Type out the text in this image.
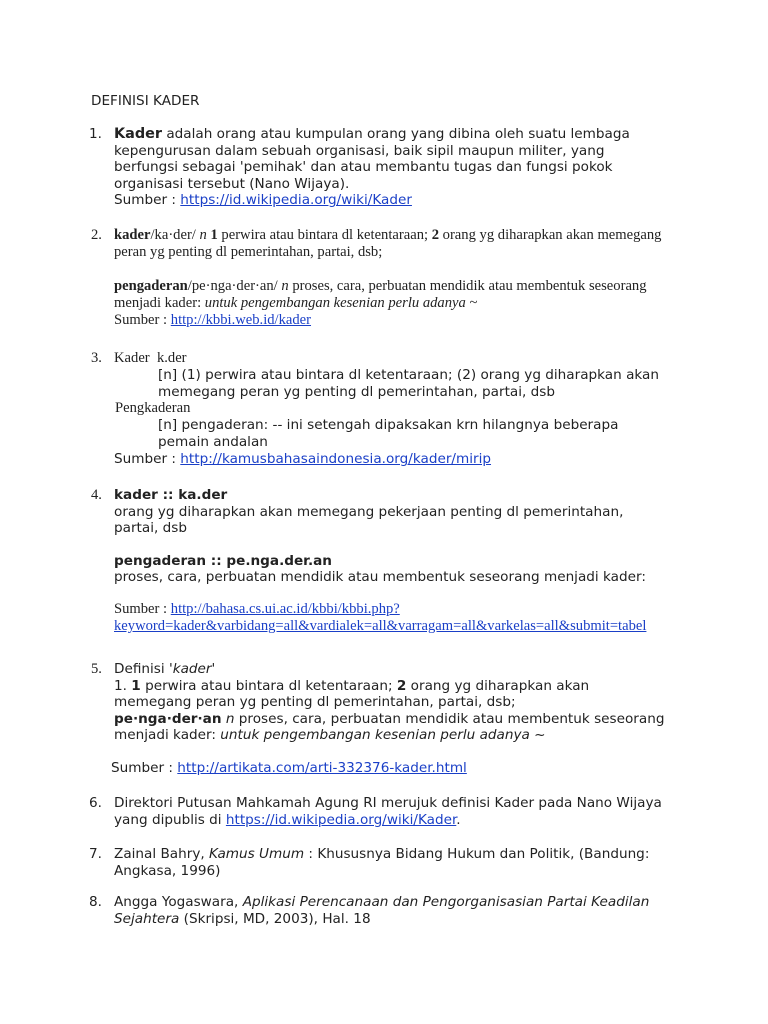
DEFINISI KADER
1. Kader adalah orang atau kumpulan orang yang dibina oleh suatu lembaga
kepengurusan dalam sebuah organisasi, baik sipil maupun militer, yang
berfungsi sebagai 'pemihak' dan atau membantu tugas dan fungsi pokok
organisasi tersebut (Nano Wijaya).
Sumber : https://id.wikipedia.org/wiki/Kader
2. kader/ka·der/ n 1 perwira atau bintara dl ketentaraan; 2 orang yg diharapkan akan memegang
peran yg penting dl pemerintahan, partai, dsb;
pengaderan/pe·nga·der·an/ n proses, cara, perbuatan mendidik atau membentuk seseorang
menjadi kader: untuk pengembangan kesenian perlu adanya ~
Sumber : http://kbbi.web.id/kader
3. Kader  k.der
[n] (1) perwira atau bintara dl ketentaraan; (2) orang yg diharapkan akan
memegang peran yg penting dl pemerintahan, partai, dsb
Pengkaderan
[n] pengaderan: -- ini setengah dipaksakan krn hilangnya beberapa
pemain andalan
Sumber : http://kamusbahasaindonesia.org/kader/mirip
4. kader :: ka.der
orang yg diharapkan akan memegang pekerjaan penting dl pemerintahan,
partai, dsb
pengaderan :: pe.nga.der.an
proses, cara, perbuatan mendidik atau membentuk seseorang menjadi kader:
Sumber : http://bahasa.cs.ui.ac.id/kbbi/kbbi.php?
keyword=kader&varbidang=all&vardialek=all&varragam=all&varkelas=all&submit=tabel
5. Definisi 'kader'
1. 1 perwira atau bintara dl ketentaraan; 2 orang yg diharapkan akan
memegang peran yg penting dl pemerintahan, partai, dsb;
pe·nga·der·an n proses, cara, perbuatan mendidik atau membentuk seseorang
menjadi kader: untuk pengembangan kesenian perlu adanya ~
Sumber : http://artikata.com/arti-332376-kader.html
6. Direktori Putusan Mahkamah Agung RI merujuk definisi Kader pada Nano Wijaya
yang dipublis di https://id.wikipedia.org/wiki/Kader.
7. Zainal Bahry, Kamus Umum : Khususnya Bidang Hukum dan Politik, (Bandung:
Angkasa, 1996)
8. Angga Yogaswara, Aplikasi Perencanaan dan Pengorganisasian Partai Keadilan
Sejahtera (Skripsi, MD, 2003), Hal. 18
